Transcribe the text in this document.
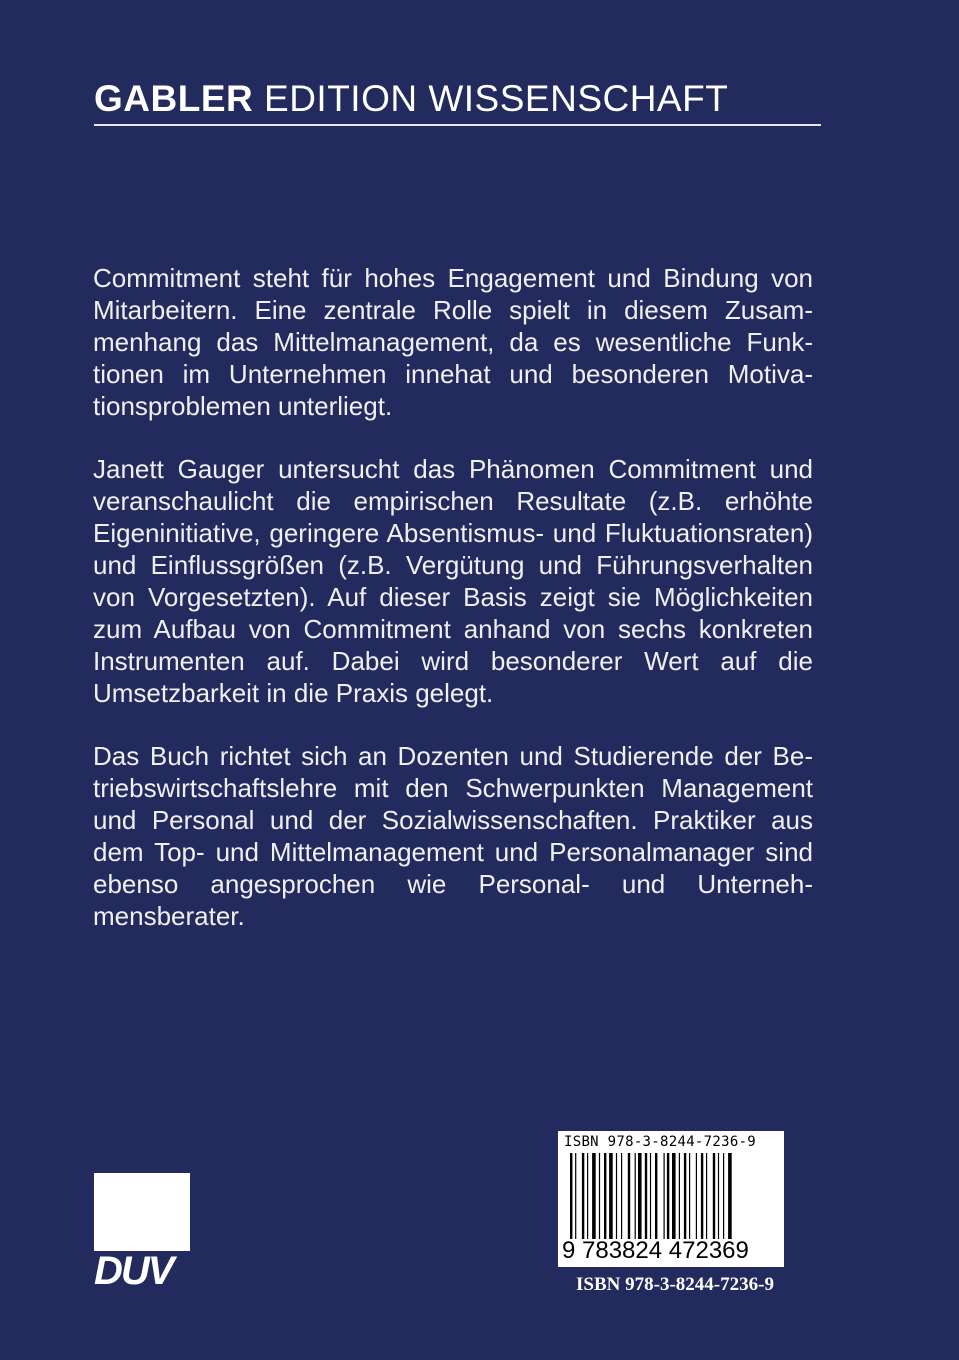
GABLER EDITION WISSENSCHAFT

Commitment steht für hohes Engagement und Bindung von Mitarbeitern. Eine zentrale Rolle spielt in diesem Zusammenhang das Mittelmanagement, da es wesentliche Funktionen im Unternehmen innehat und besonderen Motivationsproblemen unterliegt.

Janett Gauger untersucht das Phänomen Commitment und veranschaulicht die empirischen Resultate (z.B. erhöhte Eigeninitiative, geringere Absentismus- und Fluktuationsraten) und Einflussgrößen (z.B. Vergütung und Führungsverhalten von Vorgesetzten). Auf dieser Basis zeigt sie Möglichkeiten zum Aufbau von Commitment anhand von sechs konkreten Instrumenten auf. Dabei wird besonderer Wert auf die Umsetzbarkeit in die Praxis gelegt.

Das Buch richtet sich an Dozenten und Studierende der Betriebswirtschaftslehre mit den Schwerpunkten Management und Personal und der Sozialwissenschaften. Praktiker aus dem Top- und Mittelmanagement und Personalmanager sind ebenso angesprochen wie Personal- und Unternehmensberater.

DUV
ISBN 978-3-8244-7236-9
9 783824 472369
ISBN 978-3-8244-7236-9
